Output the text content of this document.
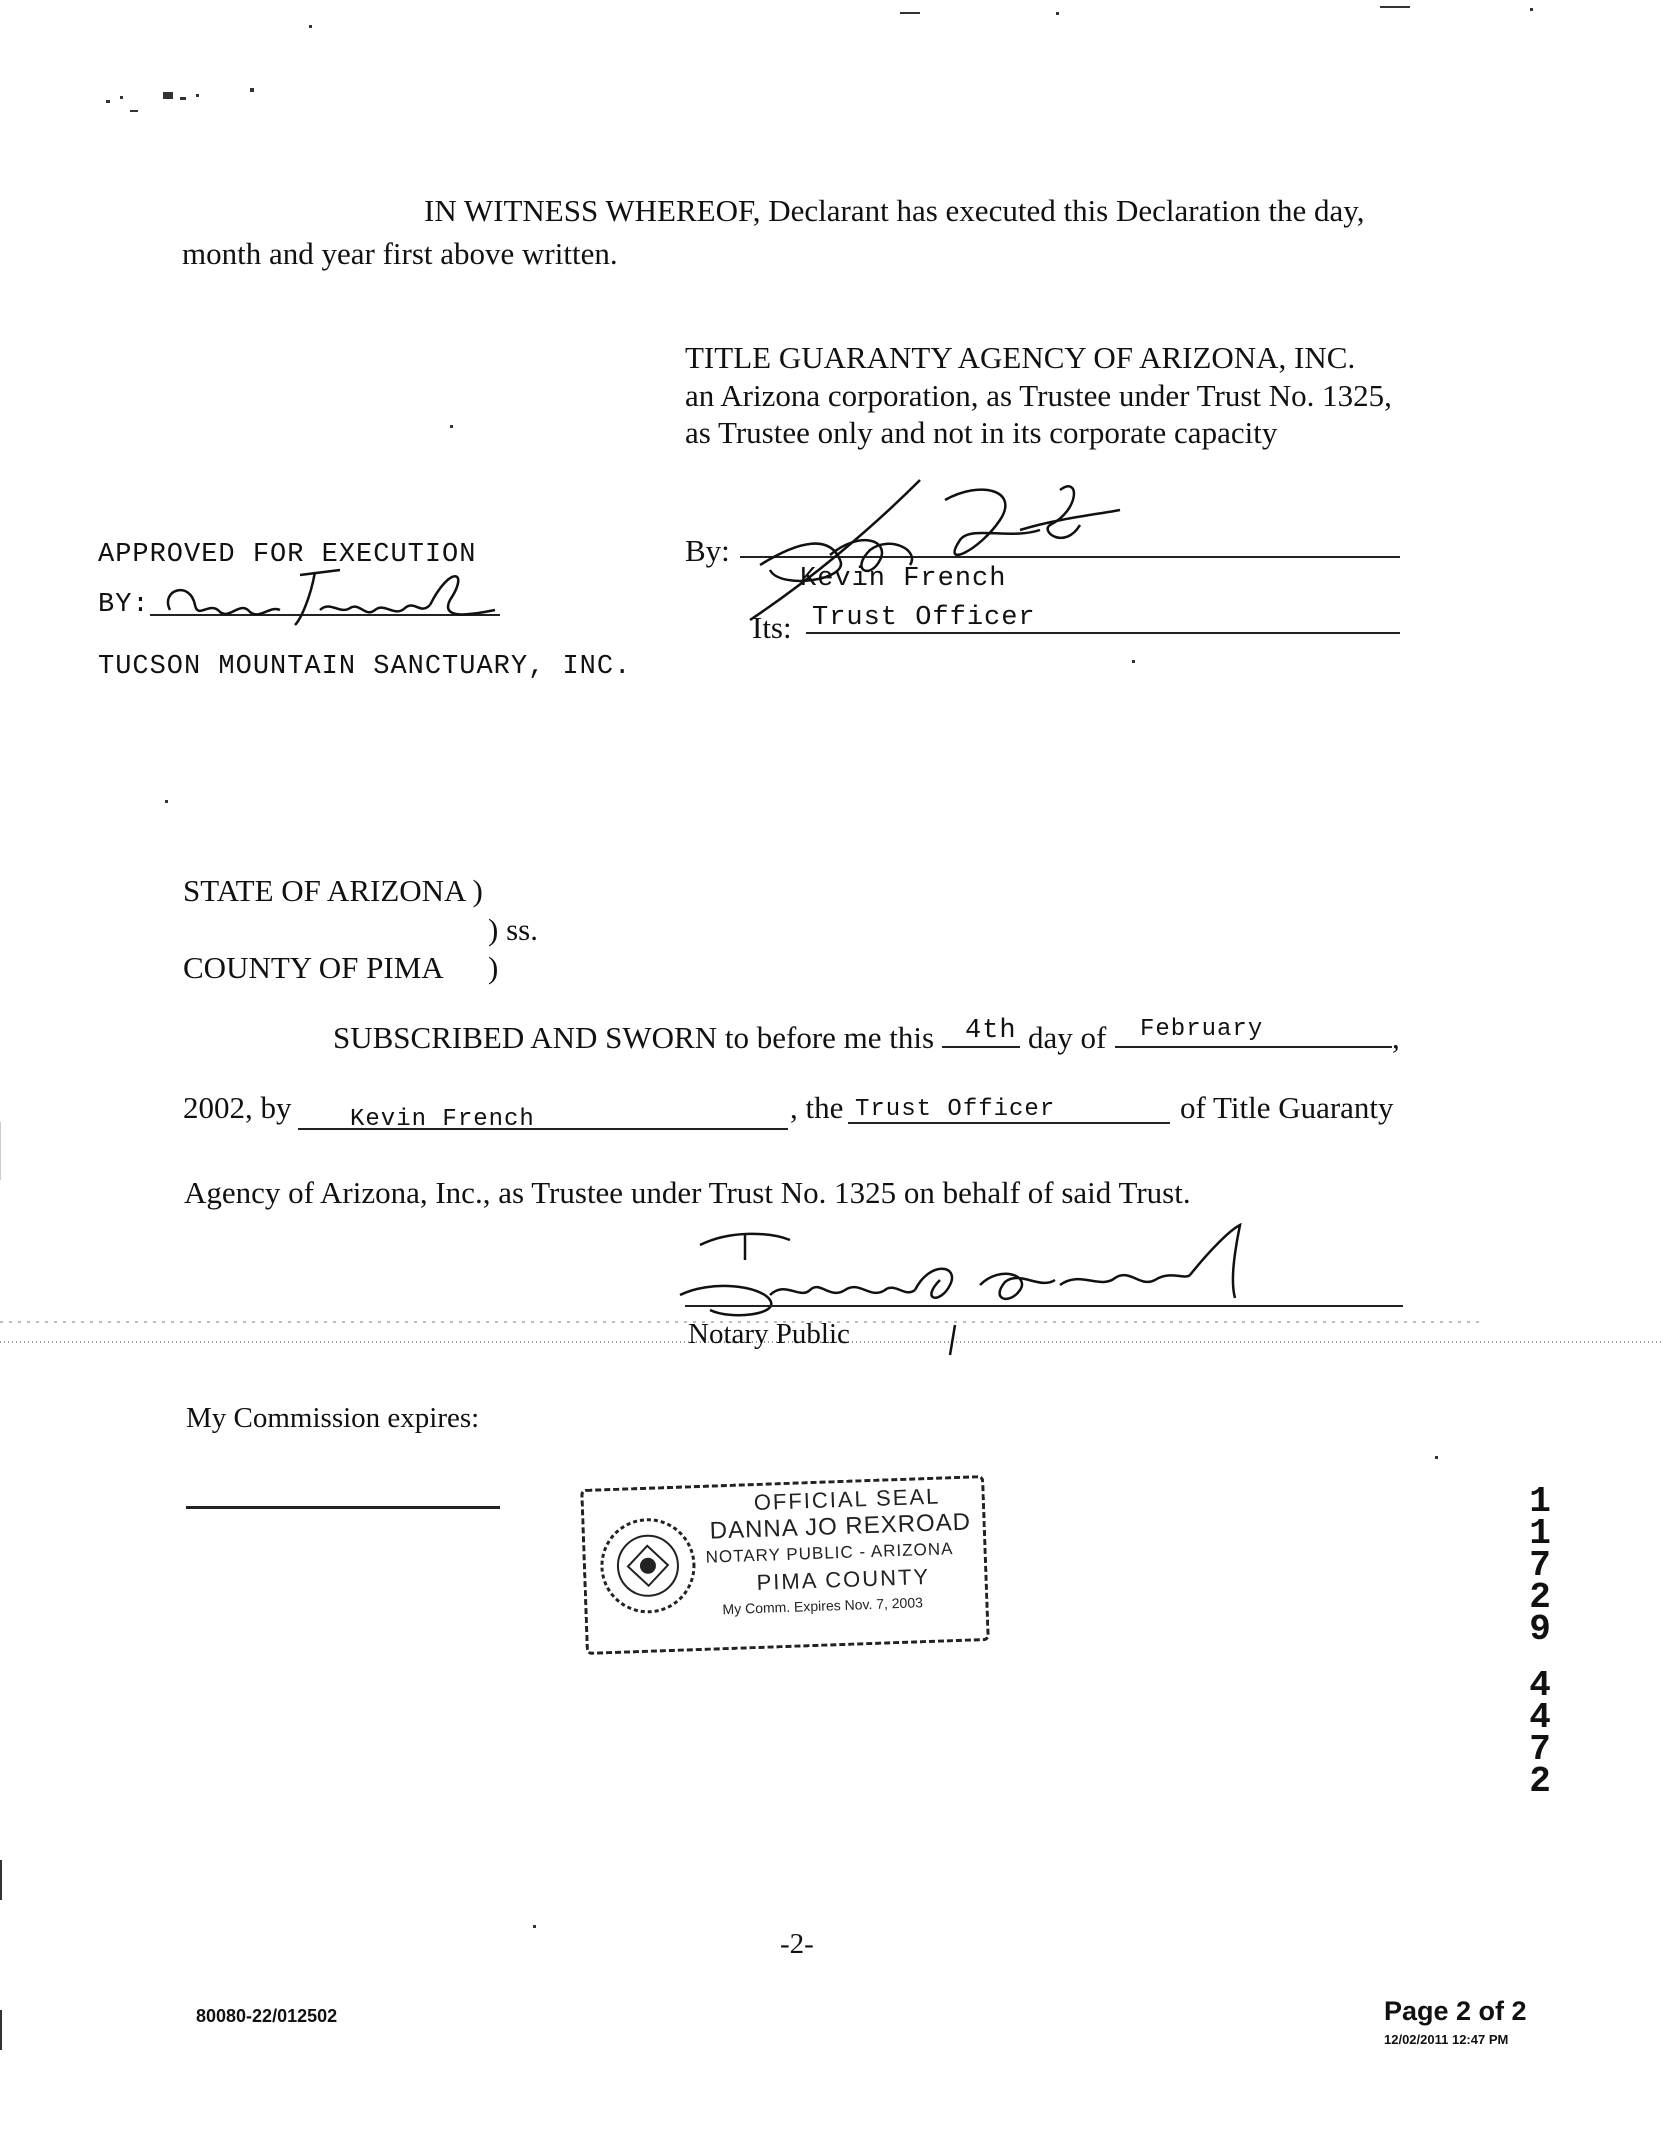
IN WITNESS WHEREOF, Declarant has executed this Declaration the day,
month and year first above written.
TITLE GUARANTY AGENCY OF ARIZONA, INC.
an Arizona corporation, as Trustee under Trust No. 1325,
as Trustee only and not in its corporate capacity
By:
Kevin French
Its: Trust Officer
APPROVED FOR EXECUTION
BY:
TUCSON MOUNTAIN SANCTUARY, INC.
STATE OF ARIZONA )
) ss.
COUNTY OF PIMA )
SUBSCRIBED AND SWORN to before me this 4th day of February	,
2002, by Kevin French	, the Trust Officer	of Title Guaranty
Agency of Arizona, Inc., as Trustee under Trust No. 1325 on behalf of said Trust.
Notary Public
My Commission expires:
OFFICIAL SEAL
DANNA JO REXROAD
NOTARY PUBLIC - ARIZONA
PIMA COUNTY
My Comm. Expires Nov. 7, 2003
1
1
7
2
9
4
4
7
2
-2-
80080-22/012502	Page 2 of 2
12/02/2011 12:47 PM
